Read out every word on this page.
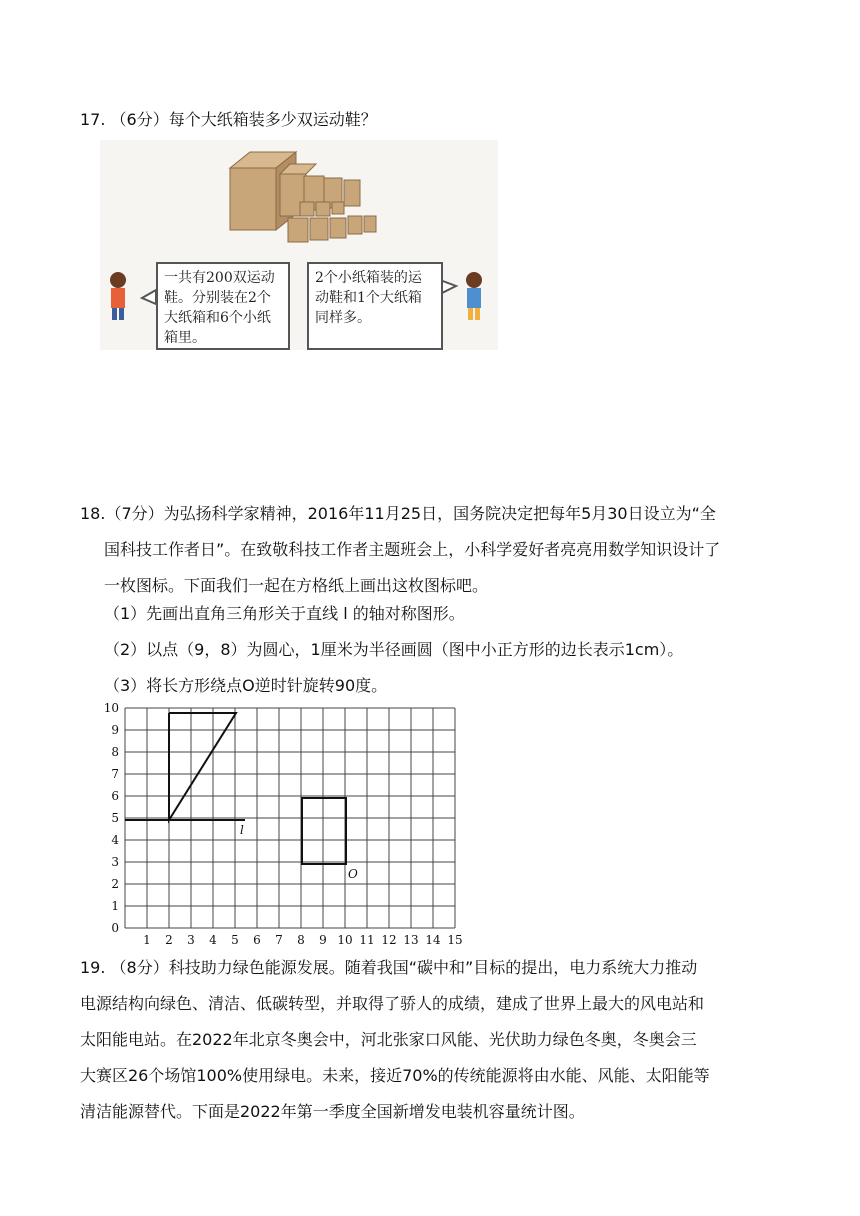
17. （6分）每个大纸箱装多少双运动鞋？
一共有200双运动鞋。分别装在2个大纸箱和6个小纸箱里。
2个小纸箱装的运动鞋和1个大纸箱同样多。
18.（7分）为弘扬科学家精神，2016年11月25日，国务院决定把每年5月30日设立为“全
国科技工作者日”。在致敬科技工作者主题班会上，小科学爱好者亮亮用数学知识设计了
一枚图标。下面我们一起在方格纸上画出这枚图标吧。
（1）先画出直角三角形关于直线 l 的轴对称图形。
（2）以点（9，8）为圆心，1厘米为半径画圆（图中小正方形的边长表示1cm）。
（3）将长方形绕点O逆时针旋转90度。
l
O
1 2 3 4 5 6 7 8 9 10 11 12 13 14 15
0
1
2
3
4
5
6
7
8
9
10
19. （8分）科技助力绿色能源发展。随着我国“碳中和”目标的提出，电力系统大力推动
电源结构向绿色、清洁、低碳转型，并取得了骄人的成绩，建成了世界上最大的风电站和
太阳能电站。在2022年北京冬奥会中，河北张家口风能、光伏助力绿色冬奥，冬奥会三
大赛区26个场馆100%使用绿电。未来，接近70%的传统能源将由水能、风能、太阳能等
清洁能源替代。下面是2022年第一季度全国新增发电装机容量统计图。
